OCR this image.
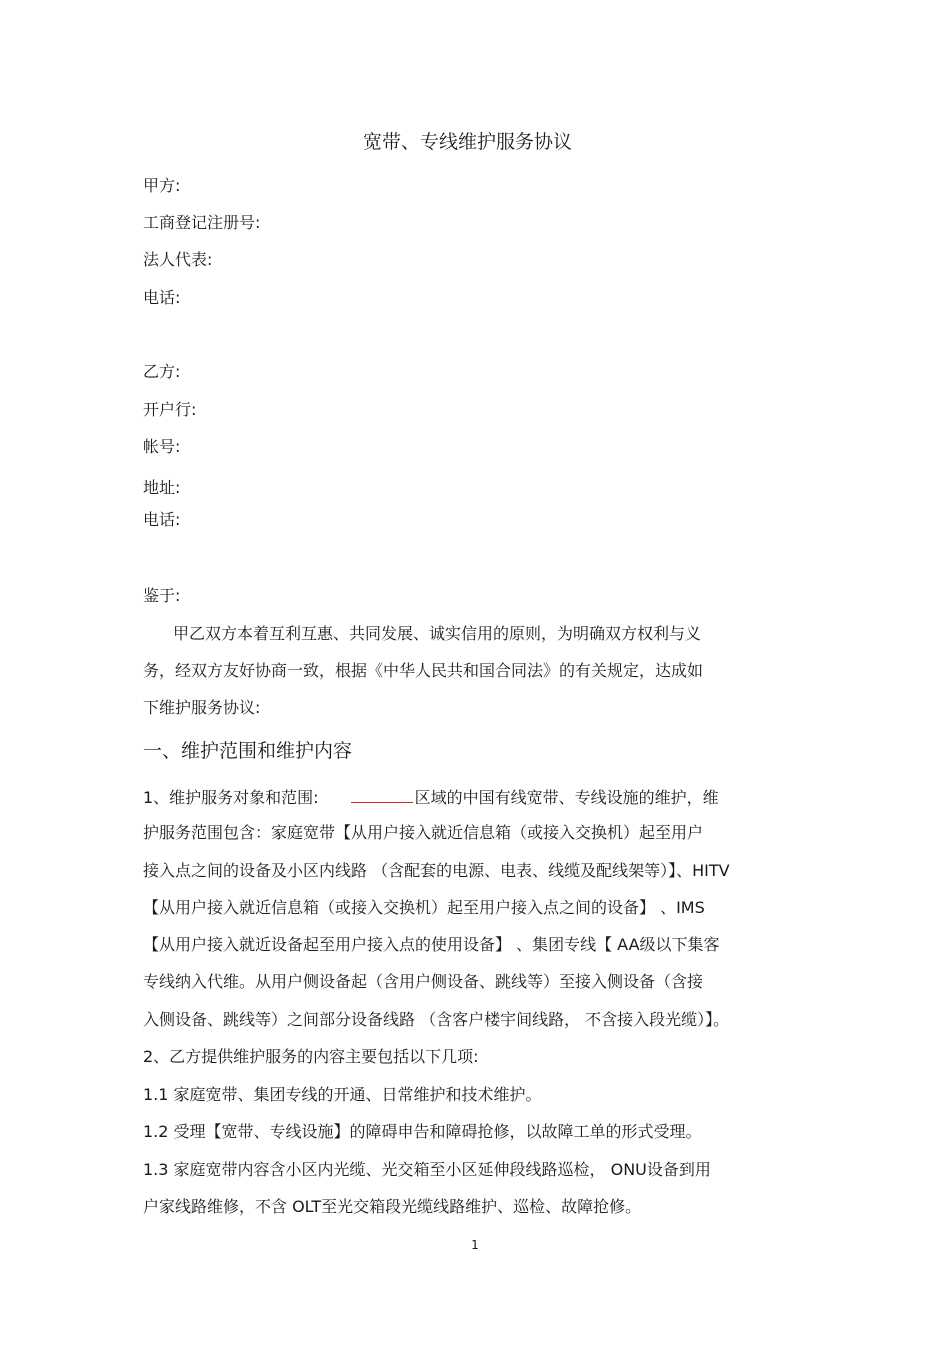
宽带、专线维护服务协议
甲方:
工商登记注册号:
法人代表:
电话:
乙方:
开户行:
帐号:
地址:
电话:
鉴于:
甲乙双方本着互利互惠、共同发展、诚实信用的原则，为明确双方权利与义
务，经双方友好协商一致，根据《中华人民共和国合同法》的有关规定，达成如
下维护服务协议:
一、维护范围和维护内容
1、维护服务对象和范围:	区域的中国有线宽带、专线设施的维护，维
护服务范围包含：家庭宽带【从用户接入就近信息箱（或接入交换机）起至用户
接入点之间的设备及小区内线路 （含配套的电源、电表、线缆及配线架等）】、HITV
【从用户接入就近信息箱（或接入交换机）起至用户接入点之间的设备】 、IMS
【从用户接入就近设备起至用户接入点的使用设备】 、集团专线【 AA级以下集客
专线纳入代维。从用户侧设备起（含用户侧设备、跳线等）至接入侧设备（含接
入侧设备、跳线等）之间部分设备线路 （含客户楼宇间线路， 不含接入段光缆）】。
2、乙方提供维护服务的内容主要包括以下几项:
1.1 家庭宽带、集团专线的开通、日常维护和技术维护。
1.2 受理【宽带、专线设施】的障碍申告和障碍抢修，以故障工单的形式受理。
1.3 家庭宽带内容含小区内光缆、光交箱至小区延伸段线路巡检， ONU设备到用
户家线路维修，不含 OLT至光交箱段光缆线路维护、巡检、故障抢修。
1
